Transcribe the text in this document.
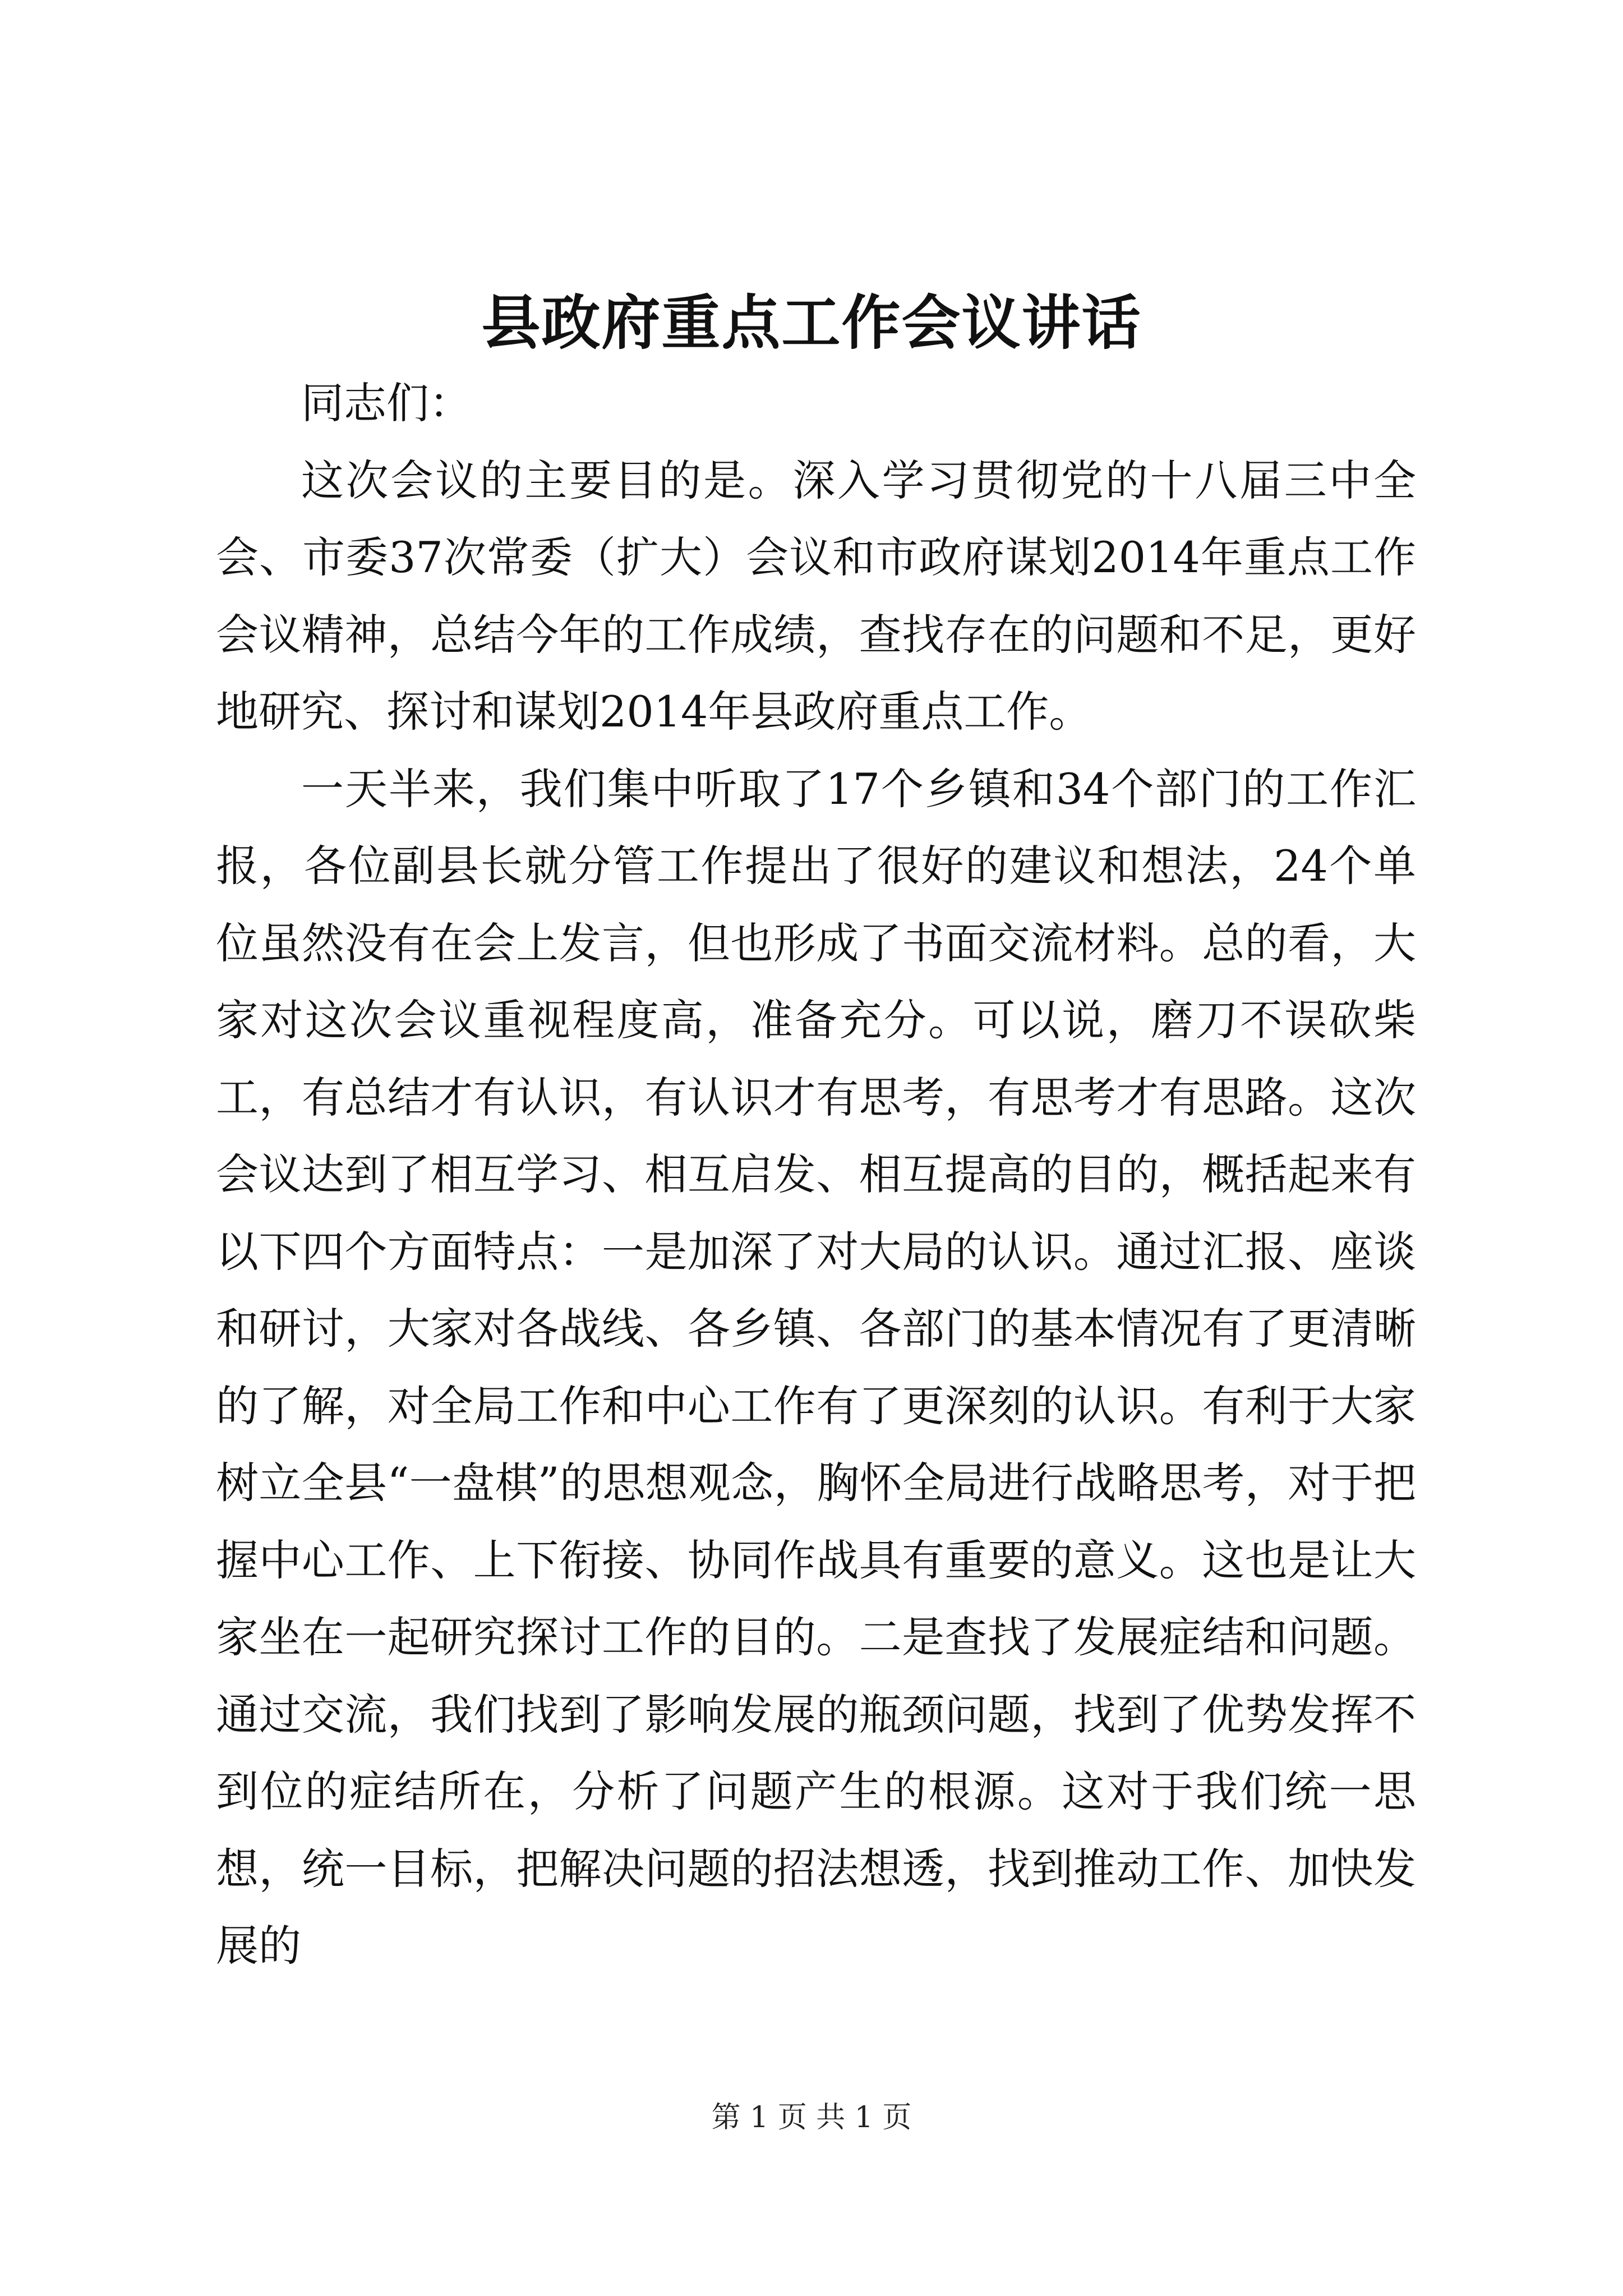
县政府重点工作会议讲话

同志们：

这次会议的主要目的是。深入学习贯彻党的十八届三中全会、市委37次常委（扩大）会议和市政府谋划2014年重点工作会议精神，总结今年的工作成绩，查找存在的问题和不足，更好地研究、探讨和谋划2014年县政府重点工作。

一天半来，我们集中听取了17个乡镇和34个部门的工作汇报，各位副县长就分管工作提出了很好的建议和想法，24个单位虽然没有在会上发言，但也形成了书面交流材料。总的看，大家对这次会议重视程度高，准备充分。可以说，磨刀不误砍柴工，有总结才有认识，有认识才有思考，有思考才有思路。这次会议达到了相互学习、相互启发、相互提高的目的，概括起来有以下四个方面特点：一是加深了对大局的认识。通过汇报、座谈和研讨，大家对各战线、各乡镇、各部门的基本情况有了更清晰的了解，对全局工作和中心工作有了更深刻的认识。有利于大家树立全县“一盘棋”的思想观念，胸怀全局进行战略思考，对于把握中心工作、上下衔接、协同作战具有重要的意义。这也是让大家坐在一起研究探讨工作的目的。二是查找了发展症结和问题。通过交流，我们找到了影响发展的瓶颈问题，找到了优势发挥不到位的症结所在，分析了问题产生的根源。这对于我们统一思想，统一目标，把解决问题的招法想透，找到推动工作、加快发展的

第 1 页 共 1 页
